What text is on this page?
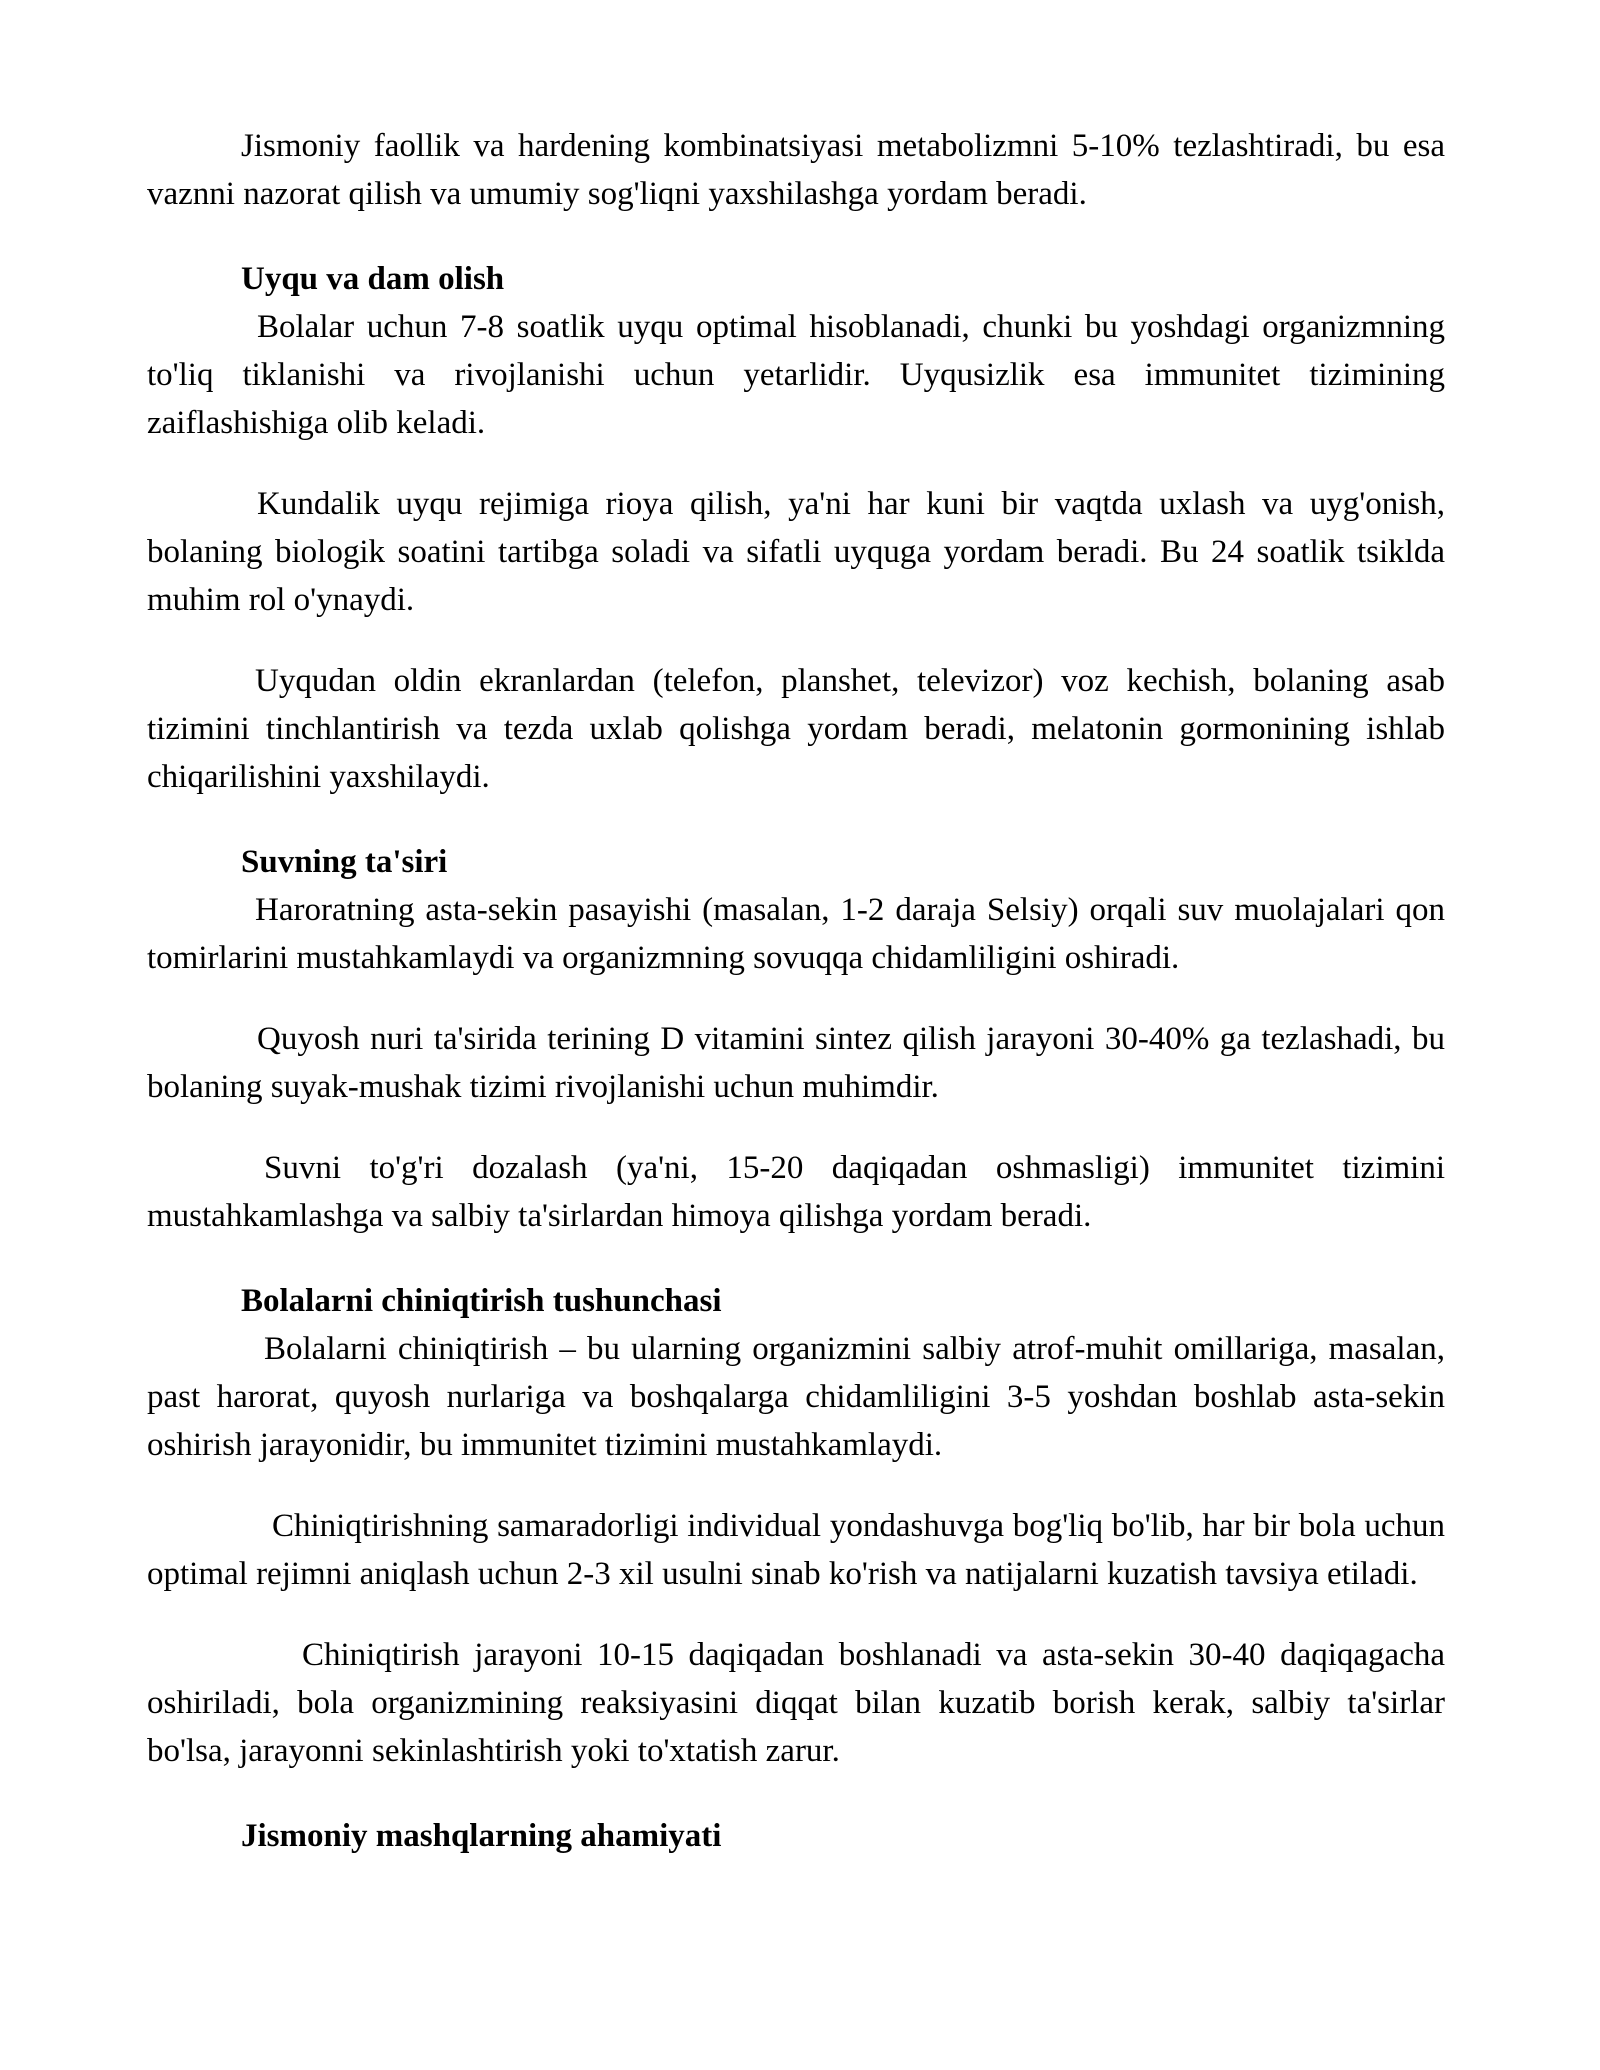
Jismoniy faollik va hardening kombinatsiyasi metabolizmni 5-10% tezlashtiradi, bu esa vaznni nazorat qilish va umumiy sog'liqni yaxshilashga yordam beradi.

Uyqu va dam olish

Bolalar uchun 7-8 soatlik uyqu optimal hisoblanadi, chunki bu yoshdagi organizmning to'liq tiklanishi va rivojlanishi uchun yetarlidir. Uyqusizlik esa immunitet tizimining zaiflashishiga olib keladi.

Kundalik uyqu rejimiga rioya qilish, ya'ni har kuni bir vaqtda uxlash va uyg'onish, bolaning biologik soatini tartibga soladi va sifatli uyquga yordam beradi. Bu 24 soatlik tsiklda muhim rol o'ynaydi.

Uyqudan oldin ekranlardan (telefon, planshet, televizor) voz kechish, bolaning asab tizimini tinchlantirish va tezda uxlab qolishga yordam beradi, melatonin gormonining ishlab chiqarilishini yaxshilaydi.

Suvning ta'siri

Haroratning asta-sekin pasayishi (masalan, 1-2 daraja Selsiy) orqali suv muolajalari qon tomirlarini mustahkamlaydi va organizmning sovuqqa chidamliligini oshiradi.

Quyosh nuri ta'sirida terining D vitamini sintez qilish jarayoni 30-40% ga tezlashadi, bu bolaning suyak-mushak tizimi rivojlanishi uchun muhimdir.

Suvni to'g'ri dozalash (ya'ni, 15-20 daqiqadan oshmasligi) immunitet tizimini mustahkamlashga va salbiy ta'sirlardan himoya qilishga yordam beradi.

Bolalarni chiniqtirish tushunchasi

Bolalarni chiniqtirish – bu ularning organizmini salbiy atrof-muhit omillariga, masalan, past harorat, quyosh nurlariga va boshqalarga chidamliligini 3-5 yoshdan boshlab asta-sekin oshirish jarayonidir, bu immunitet tizimini mustahkamlaydi.

Chiniqtirishning samaradorligi individual yondashuvga bog'liq bo'lib, har bir bola uchun optimal rejimni aniqlash uchun 2-3 xil usulni sinab ko'rish va natijalarni kuzatish tavsiya etiladi.

Chiniqtirish jarayoni 10-15 daqiqadan boshlanadi va asta-sekin 30-40 daqiqagacha oshiriladi, bola organizmining reaksiyasini diqqat bilan kuzatib borish kerak, salbiy ta'sirlar bo'lsa, jarayonni sekinlashtirish yoki to'xtatish zarur.

Jismoniy mashqlarning ahamiyati
